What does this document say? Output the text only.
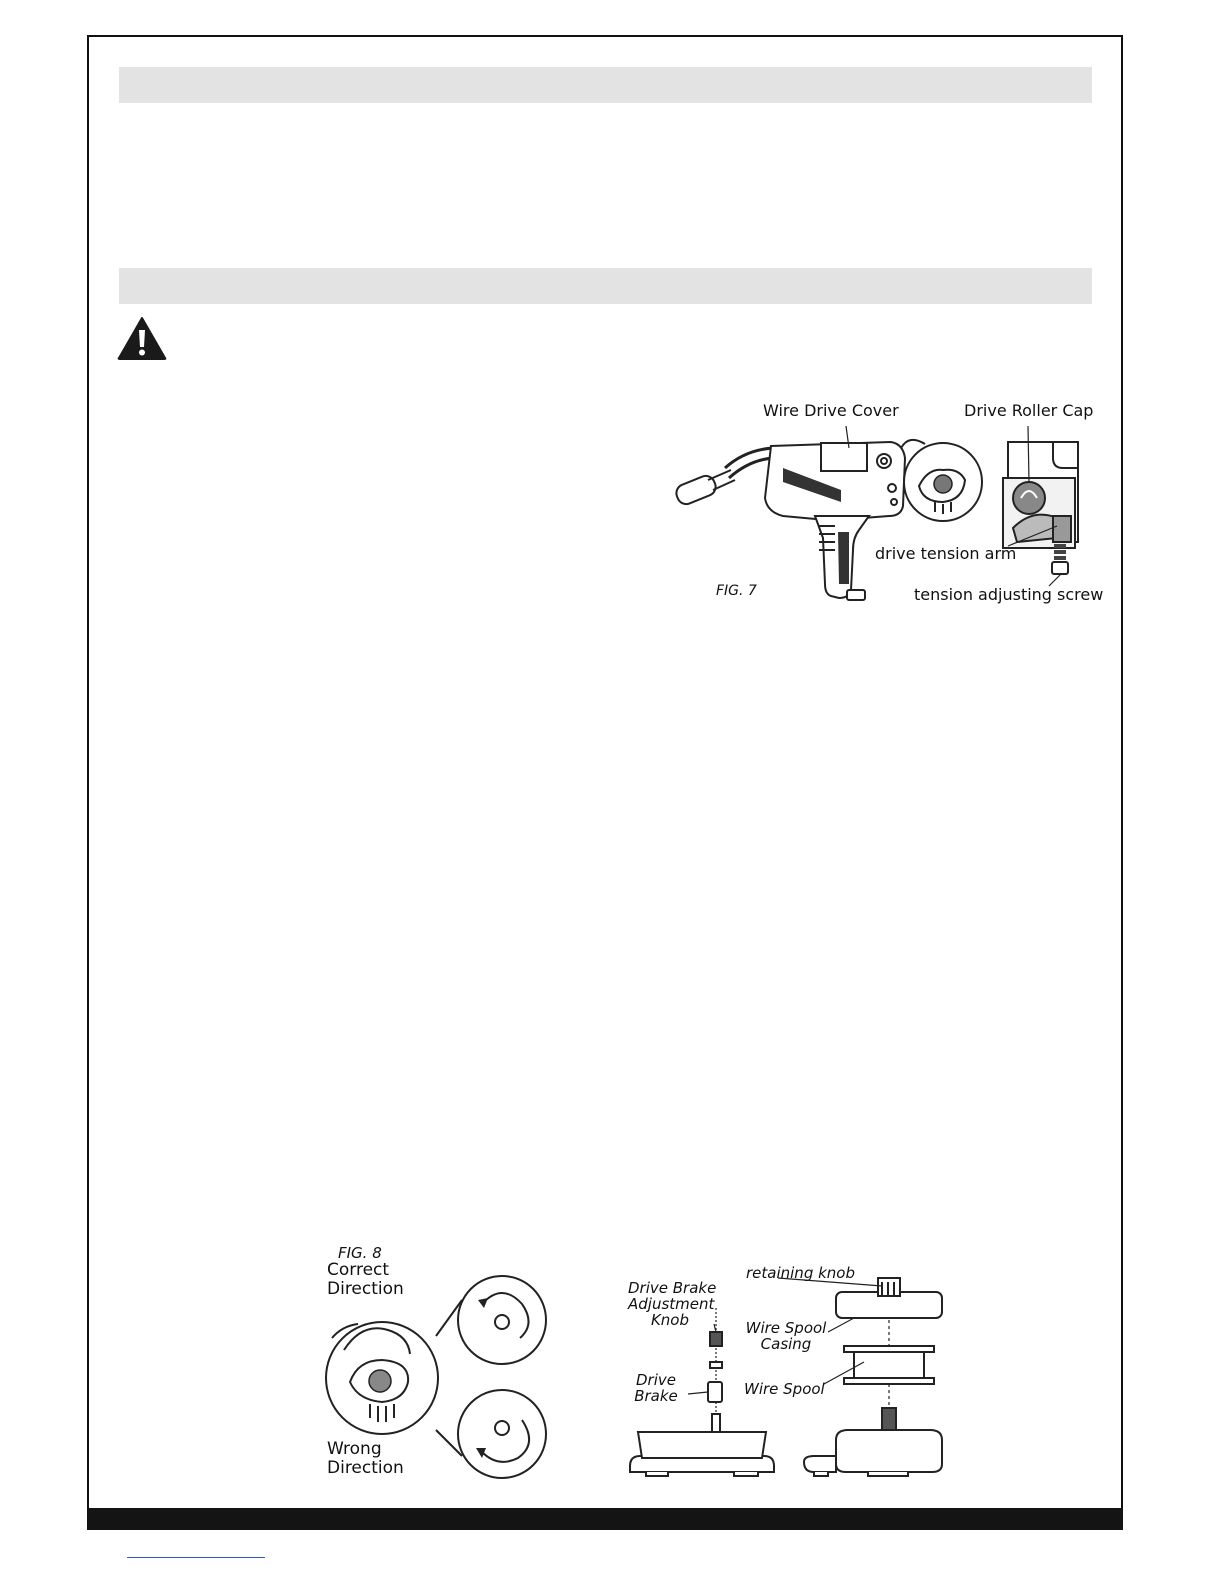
Wire Drive Cover	Drive Roller Cap
drive tension arm
tension adjusting screw
FIG. 7
FIG. 8
Correct
Direction
Wrong
Direction
retaining knob
Drive Brake
Adjustment
Knob	Wire Spool
Casing
Drive
Brake	Wire Spool
